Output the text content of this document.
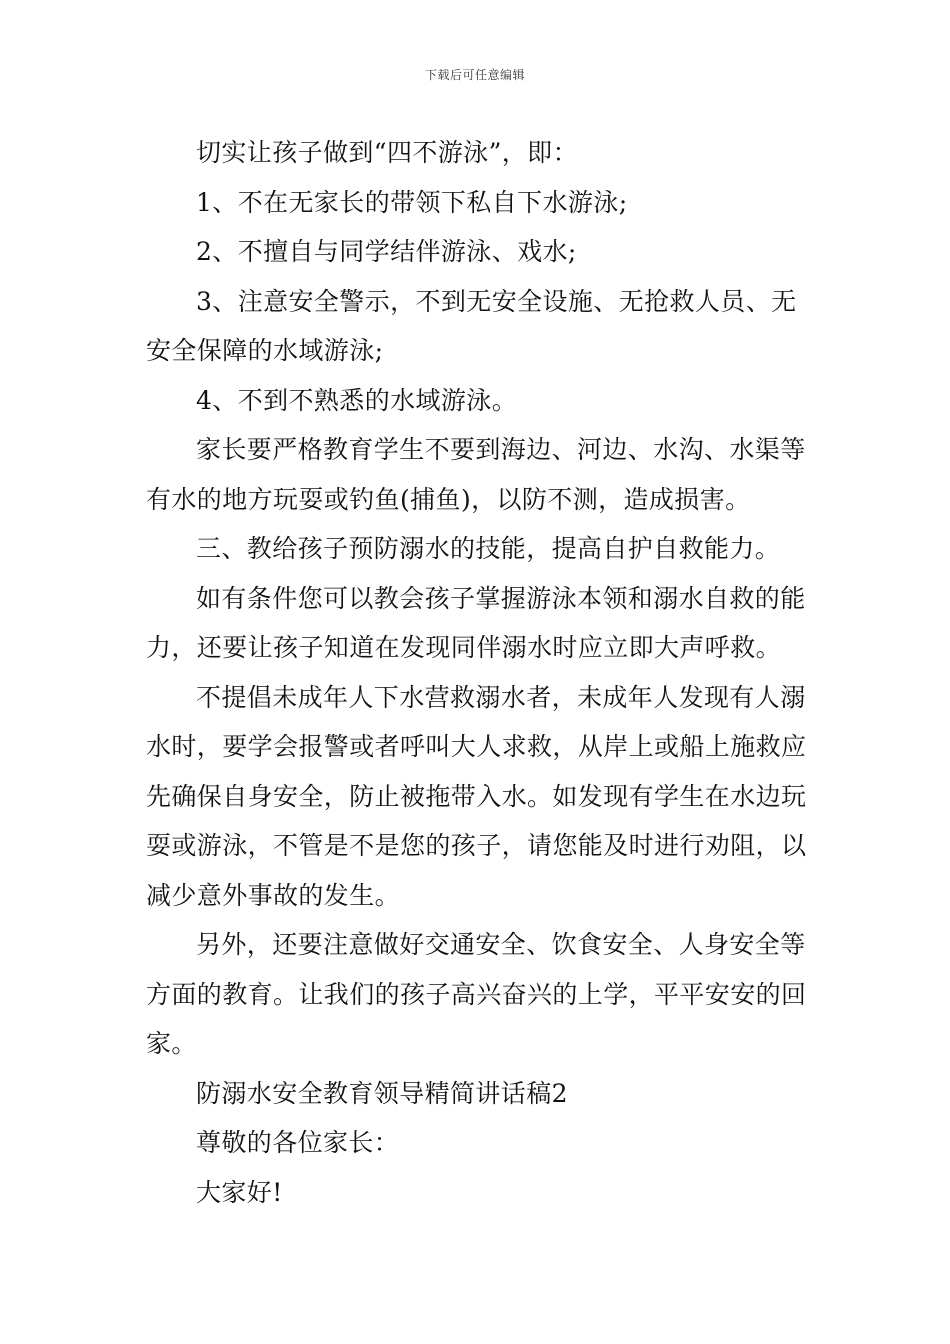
下载后可任意编辑

切实让孩子做到“四不游泳”，即：

1、不在无家长的带领下私自下水游泳;

2、不擅自与同学结伴游泳、戏水;

3、注意安全警示，不到无安全设施、无抢救人员、无安全保障的水域游泳;

4、不到不熟悉的水域游泳。

家长要严格教育学生不要到海边、河边、水沟、水渠等有水的地方玩耍或钓鱼(捕鱼)，以防不测，造成损害。

三、教给孩子预防溺水的技能，提高自护自救能力。

如有条件您可以教会孩子掌握游泳本领和溺水自救的能力，还要让孩子知道在发现同伴溺水时应立即大声呼救。

不提倡未成年人下水营救溺水者，未成年人发现有人溺水时，要学会报警或者呼叫大人求救，从岸上或船上施救应先确保自身安全，防止被拖带入水。如发现有学生在水边玩耍或游泳，不管是不是您的孩子，请您能及时进行劝阻，以减少意外事故的发生。

另外，还要注意做好交通安全、饮食安全、人身安全等方面的教育。让我们的孩子高兴奋兴的上学，平平安安的回家。

防溺水安全教育领导精简讲话稿2

尊敬的各位家长：

大家好!
